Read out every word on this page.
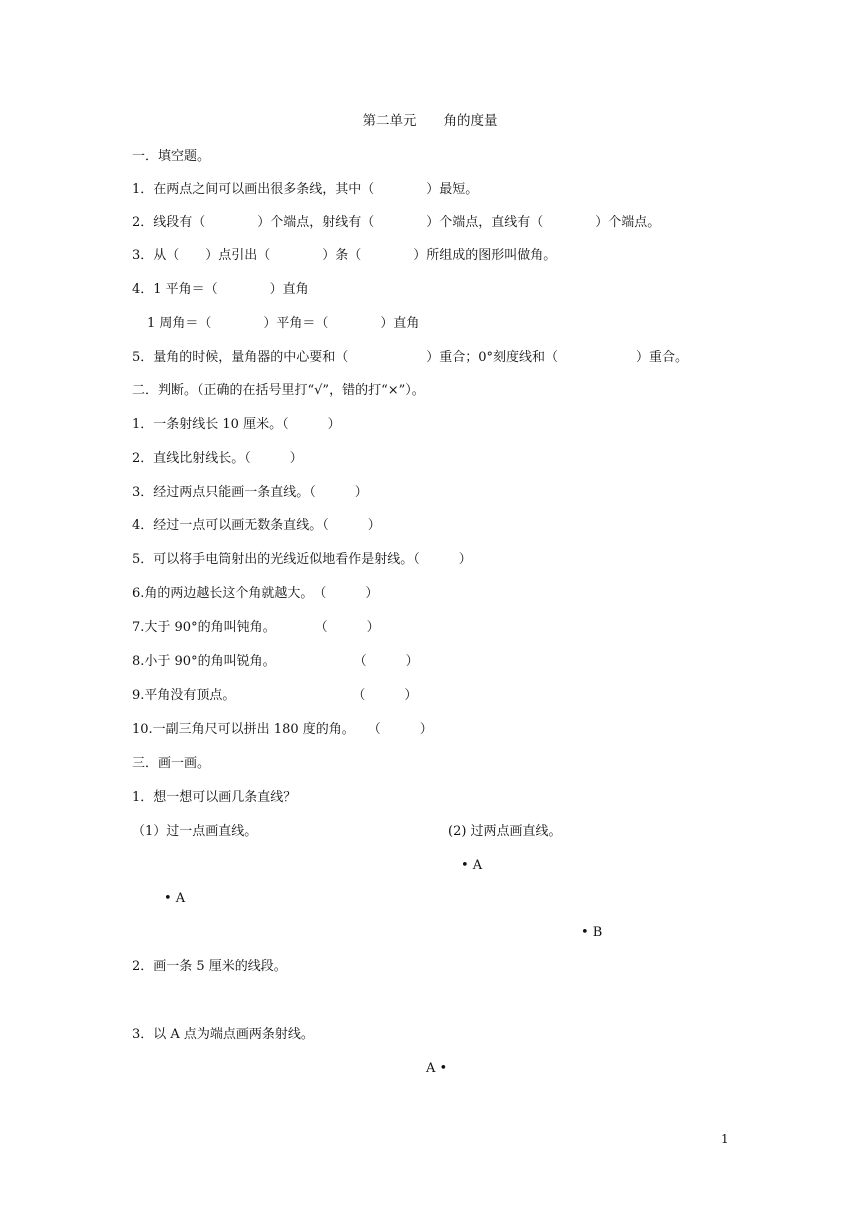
第二单元　　角的度量
一．填空题。
1．在两点之间可以画出很多条线，其中（　　　　）最短。
2．线段有（　　　　）个端点，射线有（　　　　）个端点，直线有（　　　　）个端点。
3．从（　　）点引出（　　　　）条（　　　　）所组成的图形叫做角。
4．1 平角＝（　　　　）直角
1 周角＝（　　　　）平角＝（　　　　）直角
5．量角的时候，量角器的中心要和（　　　　　　）重合；0°刻度线和（　　　　　　）重合。
二．判断。（正确的在括号里打“√”，错的打“×”）。
1．一条射线长 10 厘米。（　　　）
2．直线比射线长。（　　　）
3．经过两点只能画一条直线。（　　　）
4．经过一点可以画无数条直线。（　　　）
5．可以将手电筒射出的光线近似地看作是射线。（　　　）
6.角的两边越长这个角就越大。　（　　　）
7.大于 90°的角叫钝角。　　　　（　　　）
8.小于 90°的角叫锐角。　　　　　　　（　　　）
9.平角没有顶点。　　　　　　　　　　（　　　）
10.一副三角尺可以拼出 180 度的角。　　（　　　）
三．画一画。
1．想一想可以画几条直线？
（1）过一点画直线。	(2) 过两点画直线。
• A
• A
• B
2．画一条 5 厘米的线段。
3．以 A 点为端点画两条射线。
A •
1
